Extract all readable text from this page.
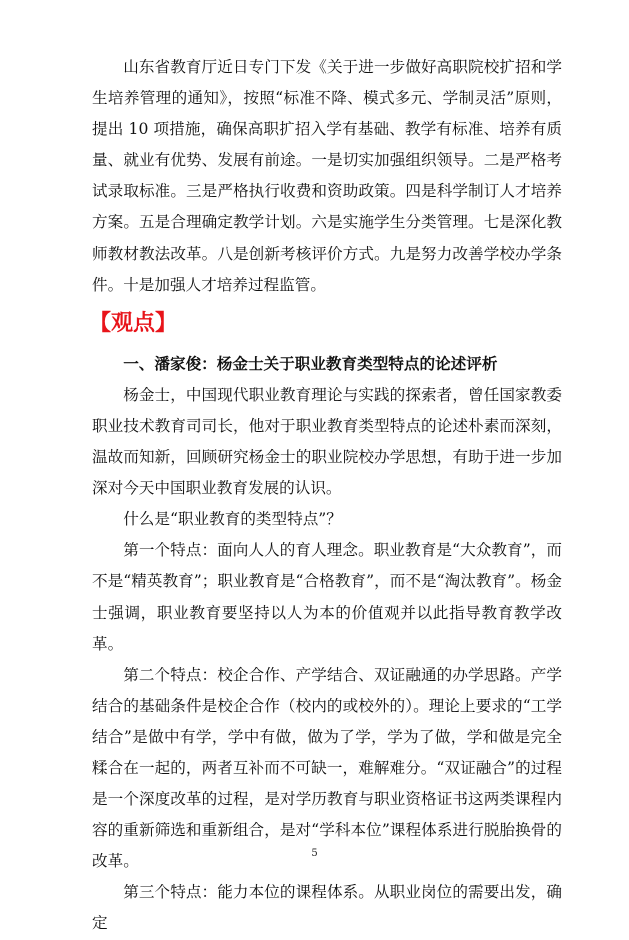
山东省教育厅近日专门下发《关于进一步做好高职院校扩招和学生培养管理的通知》，按照“标准不降、模式多元、学制灵活”原则，提出 10 项措施，确保高职扩招入学有基础、教学有标准、培养有质量、就业有优势、发展有前途。一是切实加强组织领导。二是严格考试录取标准。三是严格执行收费和资助政策。四是科学制订人才培养方案。五是合理确定教学计划。六是实施学生分类管理。七是深化教师教材教法改革。八是创新考核评价方式。九是努力改善学校办学条件。十是加强人才培养过程监管。

【观点】

一、潘家俊：杨金士关于职业教育类型特点的论述评析

杨金士，中国现代职业教育理论与实践的探索者，曾任国家教委职业技术教育司司长，他对于职业教育类型特点的论述朴素而深刻，温故而知新，回顾研究杨金士的职业院校办学思想，有助于进一步加深对今天中国职业教育发展的认识。

什么是“职业教育的类型特点”？

第一个特点：面向人人的育人理念。职业教育是“大众教育”，而不是“精英教育”；职业教育是“合格教育”，而不是“淘汰教育”。杨金士强调，职业教育要坚持以人为本的价值观并以此指导教育教学改革。

第二个特点：校企合作、产学结合、双证融通的办学思路。产学结合的基础条件是校企合作（校内的或校外的）。理论上要求的“工学结合”是做中有学，学中有做，做为了学，学为了做，学和做是完全糅合在一起的，两者互补而不可缺一，难解难分。“双证融合”的过程是一个深度改革的过程，是对学历教育与职业资格证书这两类课程内容的重新筛选和重新组合，是对“学科本位”课程体系进行脱胎换骨的改革。

第三个特点：能力本位的课程体系。从职业岗位的需要出发，确定

5
